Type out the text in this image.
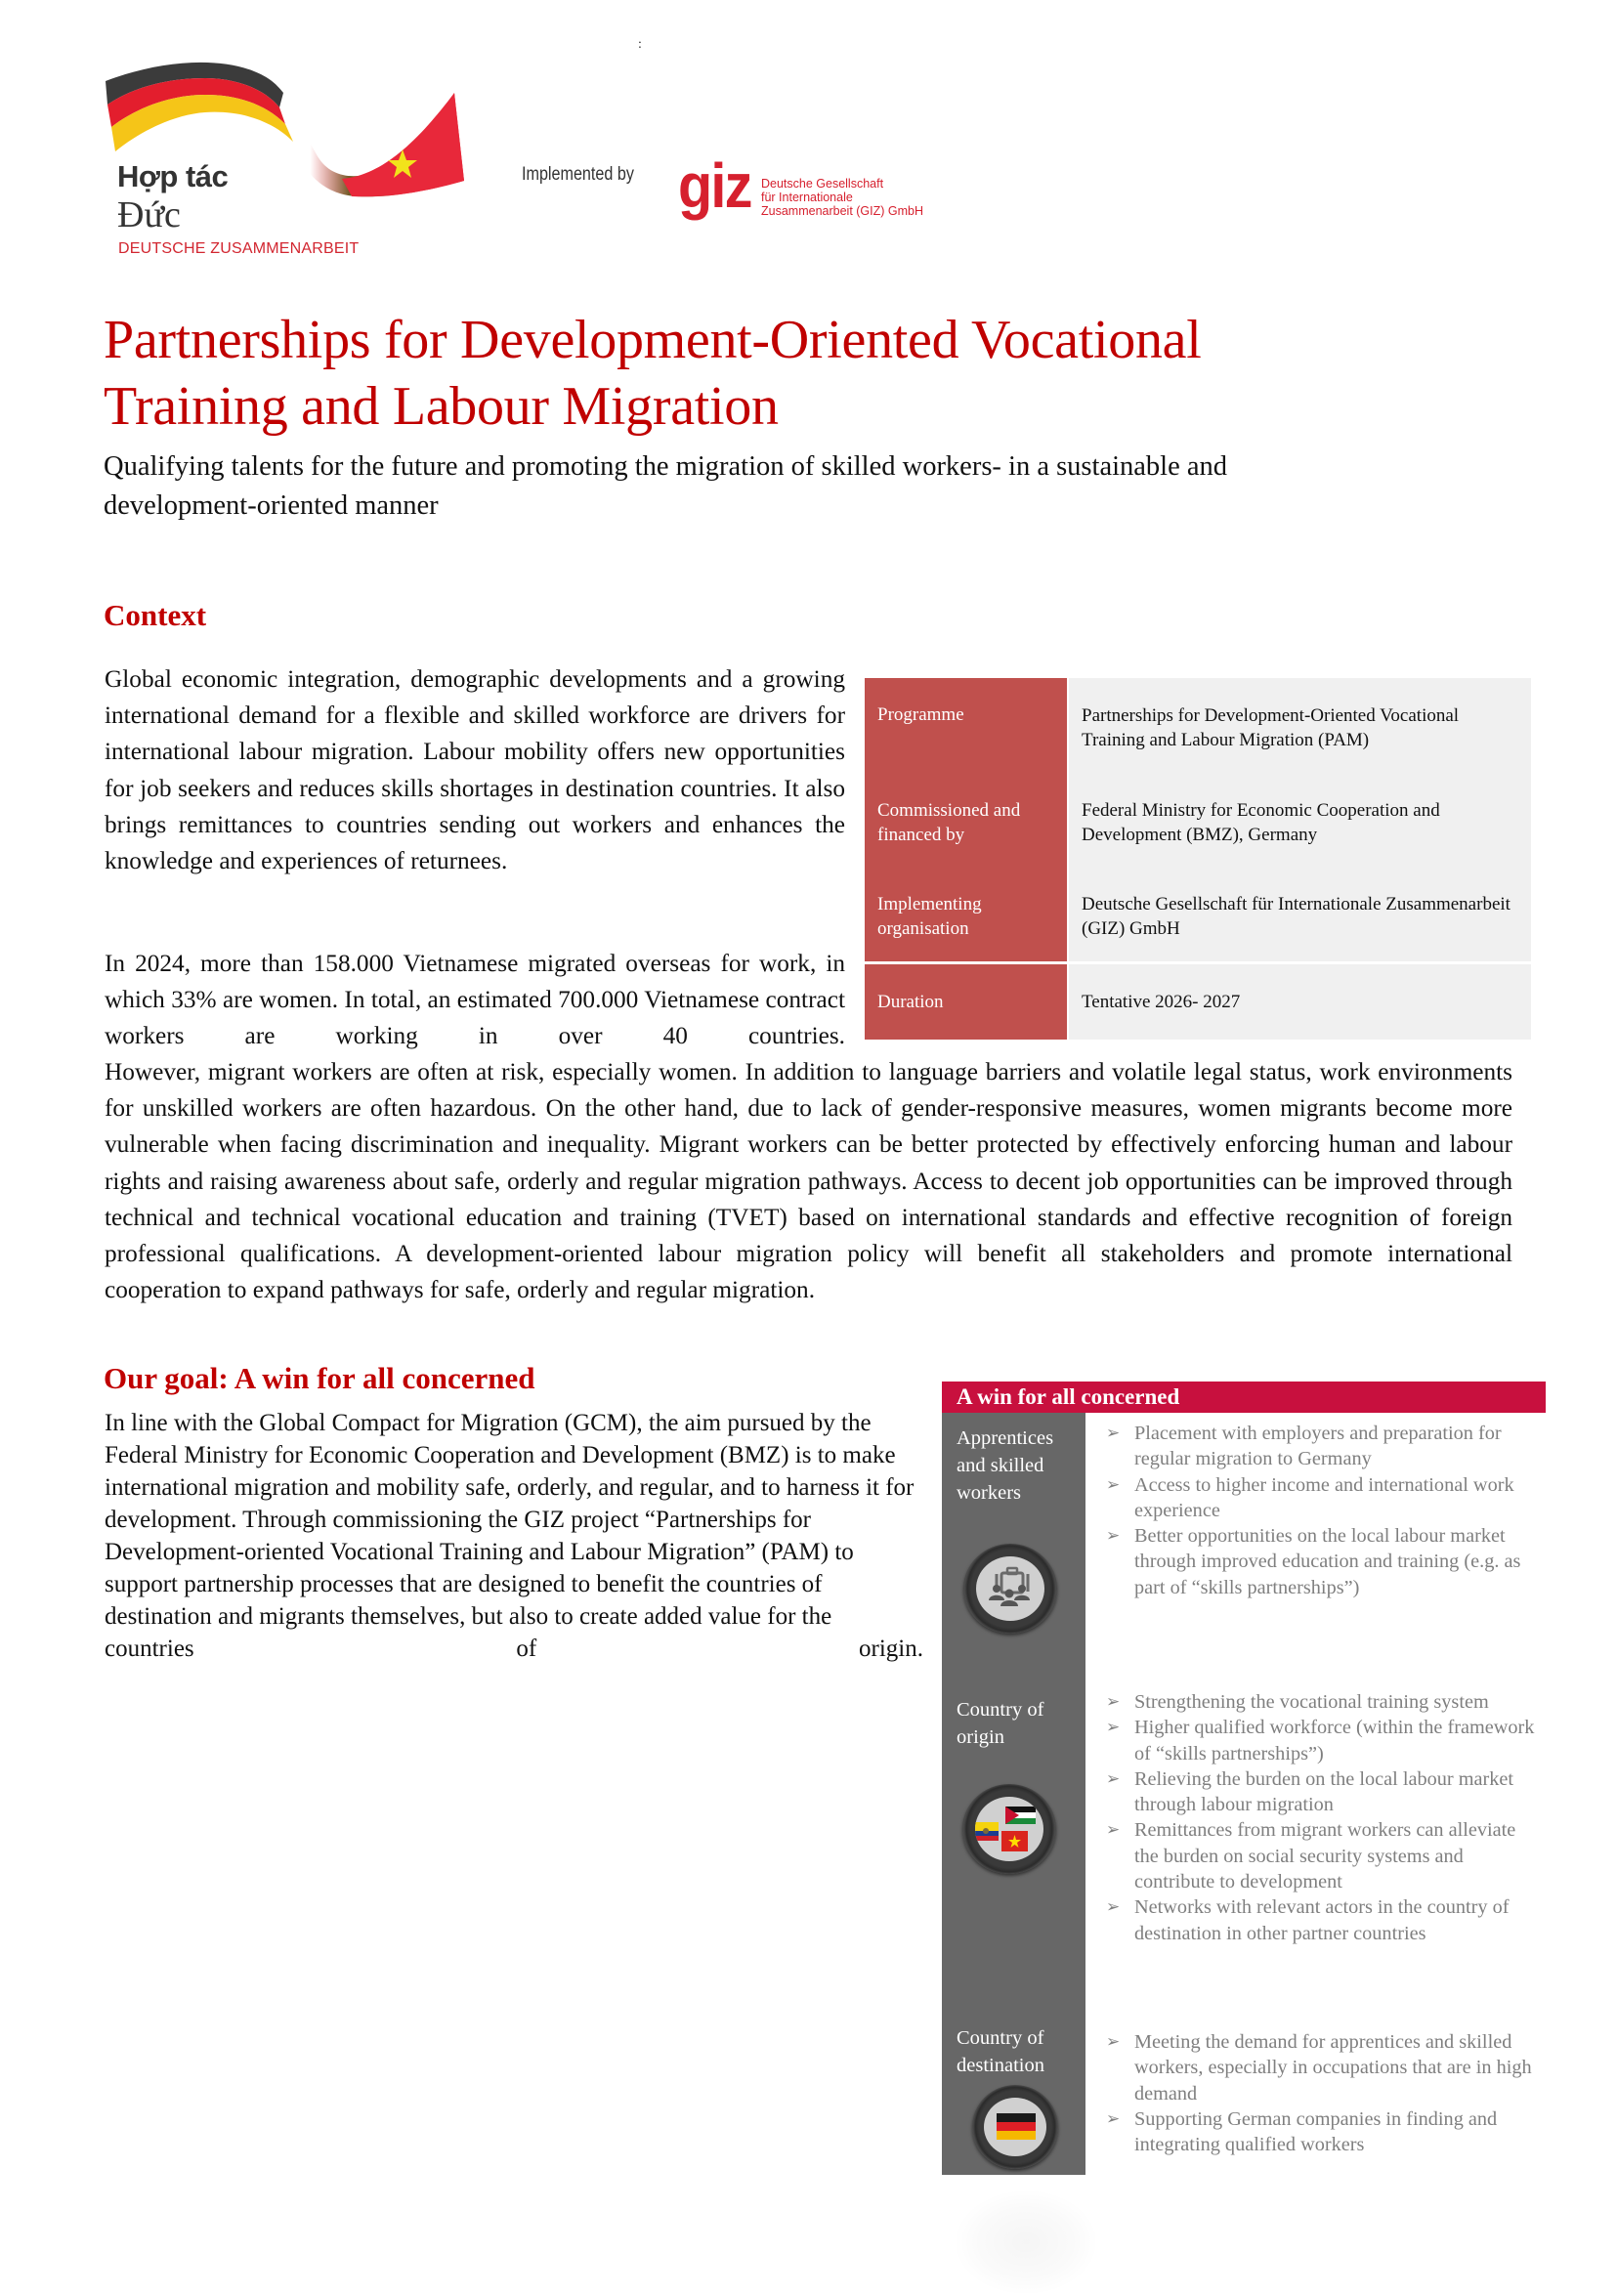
:
Hợp tác
Đức
DEUTSCHE ZUSAMMENARBEIT
Implemented by giz Deutsche Gesellschaft
für Internationale
Zusammenarbeit (GIZ) GmbH
Partnerships for Development-Oriented Vocational
Training and Labour Migration
Qualifying talents for the future and promoting the migration of skilled workers- in a sustainable and
development-oriented manner
Context
Global economic integration, demographic developments and a growing international demand for a flexible and skilled workforce are drivers for international labour migration. Labour mobility offers new opportunities for job seekers and reduces skills shortages in destination countries. It also brings remittances to countries sending out workers and enhances the knowledge and experiences of returnees.
In 2024, more than 158.000 Vietnamese migrated overseas for work, in which 33% are women. In total, an estimated 700.000 Vietnamese contract workers are working in over 40 countries.
However, migrant workers are often at risk, especially women. In addition to language barriers and volatile legal status, work environments for unskilled workers are often hazardous. On the other hand, due to lack of gender-responsive measures, women migrants become more vulnerable when facing discrimination and inequality. Migrant workers can be better protected by effectively enforcing human and labour rights and raising awareness about safe, orderly and regular migration pathways. Access to decent job opportunities can be improved through technical and technical vocational education and training (TVET) based on international standards and effective recognition of foreign professional qualifications. A development-oriented labour migration policy will benefit all stakeholders and promote international cooperation to expand pathways for safe, orderly and regular migration.
Programme
Commissioned and financed by
Implementing organisation
Partnerships for Development-Oriented Vocational Training and Labour Migration (PAM)
Federal Ministry for Economic Cooperation and Development (BMZ), Germany
Deutsche Gesellschaft für Internationale Zusammenarbeit (GIZ) GmbH
Duration	Tentative 2026- 2027
Our goal: A win for all concerned
In line with the Global Compact for Migration (GCM), the aim pursued by the Federal Ministry for Economic Cooperation and Development (BMZ) is to make international migration and mobility safe, orderly, and regular, and to harness it for development. Through commissioning the GIZ project “Partnerships for Development-oriented Vocational Training and Labour Migration” (PAM) to support partnership processes that are designed to benefit the countries of destination and migrants themselves, but also to create added value for the countries of origin.
A win for all concerned
Apprentices and skilled workers
Country of origin
Country of destination
➢ Placement with employers and preparation for regular migration to Germany
➢ Access to higher income and international work experience
➢ Better opportunities on the local labour market through improved education and training (e.g. as part of “skills partnerships”)
➢ Strengthening the vocational training system
➢ Higher qualified workforce (within the framework of “skills partnerships”)
➢ Relieving the burden on the local labour market through labour migration
➢ Remittances from migrant workers can alleviate the burden on social security systems and contribute to development
➢ Networks with relevant actors in the country of destination in other partner countries
➢ Meeting the demand for apprentices and skilled workers, especially in occupations that are in high demand
➢ Supporting German companies in finding and integrating qualified workers
